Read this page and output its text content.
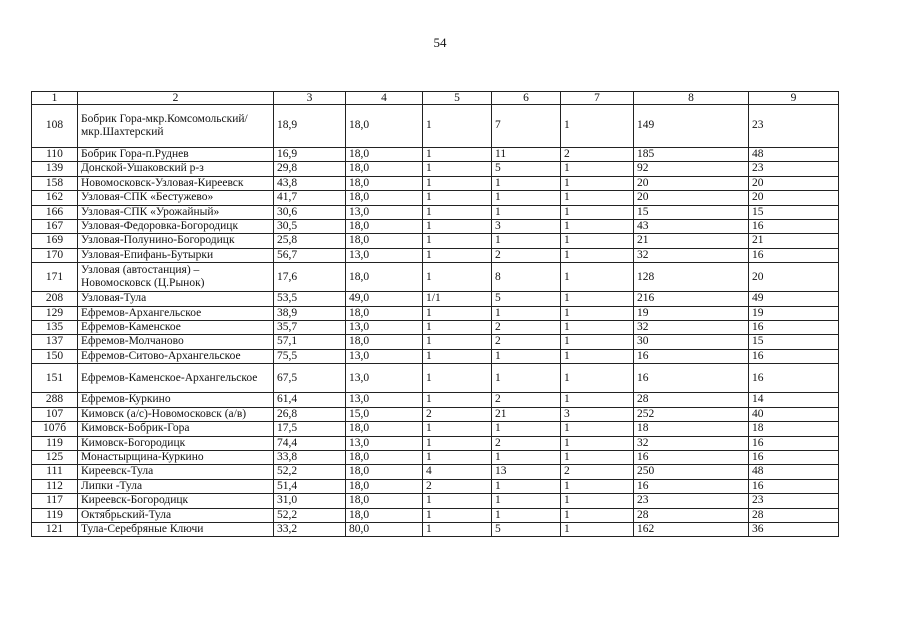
54
1	2	3	4	5	6	7	8	9
108	Бобрик Гора-мкр.Комсомольский/мкр.Шахтерский	18,9	18,0	1	7	1	149	23
110	Бобрик Гора-п.Руднев	16,9	18,0	1	11	2	185	48
139	Донской-Ушаковский р-з	29,8	18,0	1	5	1	92	23
158	Новомосковск-Узловая-Киреевск	43,8	18,0	1	1	1	20	20
162	Узловая-СПК «Бестужево»	41,7	18,0	1	1	1	20	20
166	Узловая-СПК «Урожайный»	30,6	13,0	1	1	1	15	15
167	Узловая-Федоровка-Богородицк	30,5	18,0	1	3	1	43	16
169	Узловая-Полунино-Богородицк	25,8	18,0	1	1	1	21	21
170	Узловая-Епифань-Бутырки	56,7	13,0	1	2	1	32	16
171	Узловая (автостанция) – Новомосковск (Ц.Рынок)	17,6	18,0	1	8	1	128	20
208	Узловая-Тула	53,5	49,0	1/1	5	1	216	49
129	Ефремов-Архангельское	38,9	18,0	1	1	1	19	19
135	Ефремов-Каменское	35,7	13,0	1	2	1	32	16
137	Ефремов-Молчаново	57,1	18,0	1	2	1	30	15
150	Ефремов-Ситово-Архангельское	75,5	13,0	1	1	1	16	16
151	Ефремов-Каменское-Архангельское	67,5	13,0	1	1	1	16	16
288	Ефремов-Куркино	61,4	13,0	1	2	1	28	14
107	Кимовск (а/с)-Новомосковск (а/в)	26,8	15,0	2	21	3	252	40
107б	Кимовск-Бобрик-Гора	17,5	18,0	1	1	1	18	18
119	Кимовск-Богородицк	74,4	13,0	1	2	1	32	16
125	Монастырщина-Куркино	33,8	18,0	1	1	1	16	16
111	Киреевск-Тула	52,2	18,0	4	13	2	250	48
112	Липки -Тула	51,4	18,0	2	1	1	16	16
117	Киреевск-Богородицк	31,0	18,0	1	1	1	23	23
119	Октябрьский-Тула	52,2	18,0	1	1	1	28	28
121	Тула-Серебряные Ключи	33,2	80,0	1	5	1	162	36
